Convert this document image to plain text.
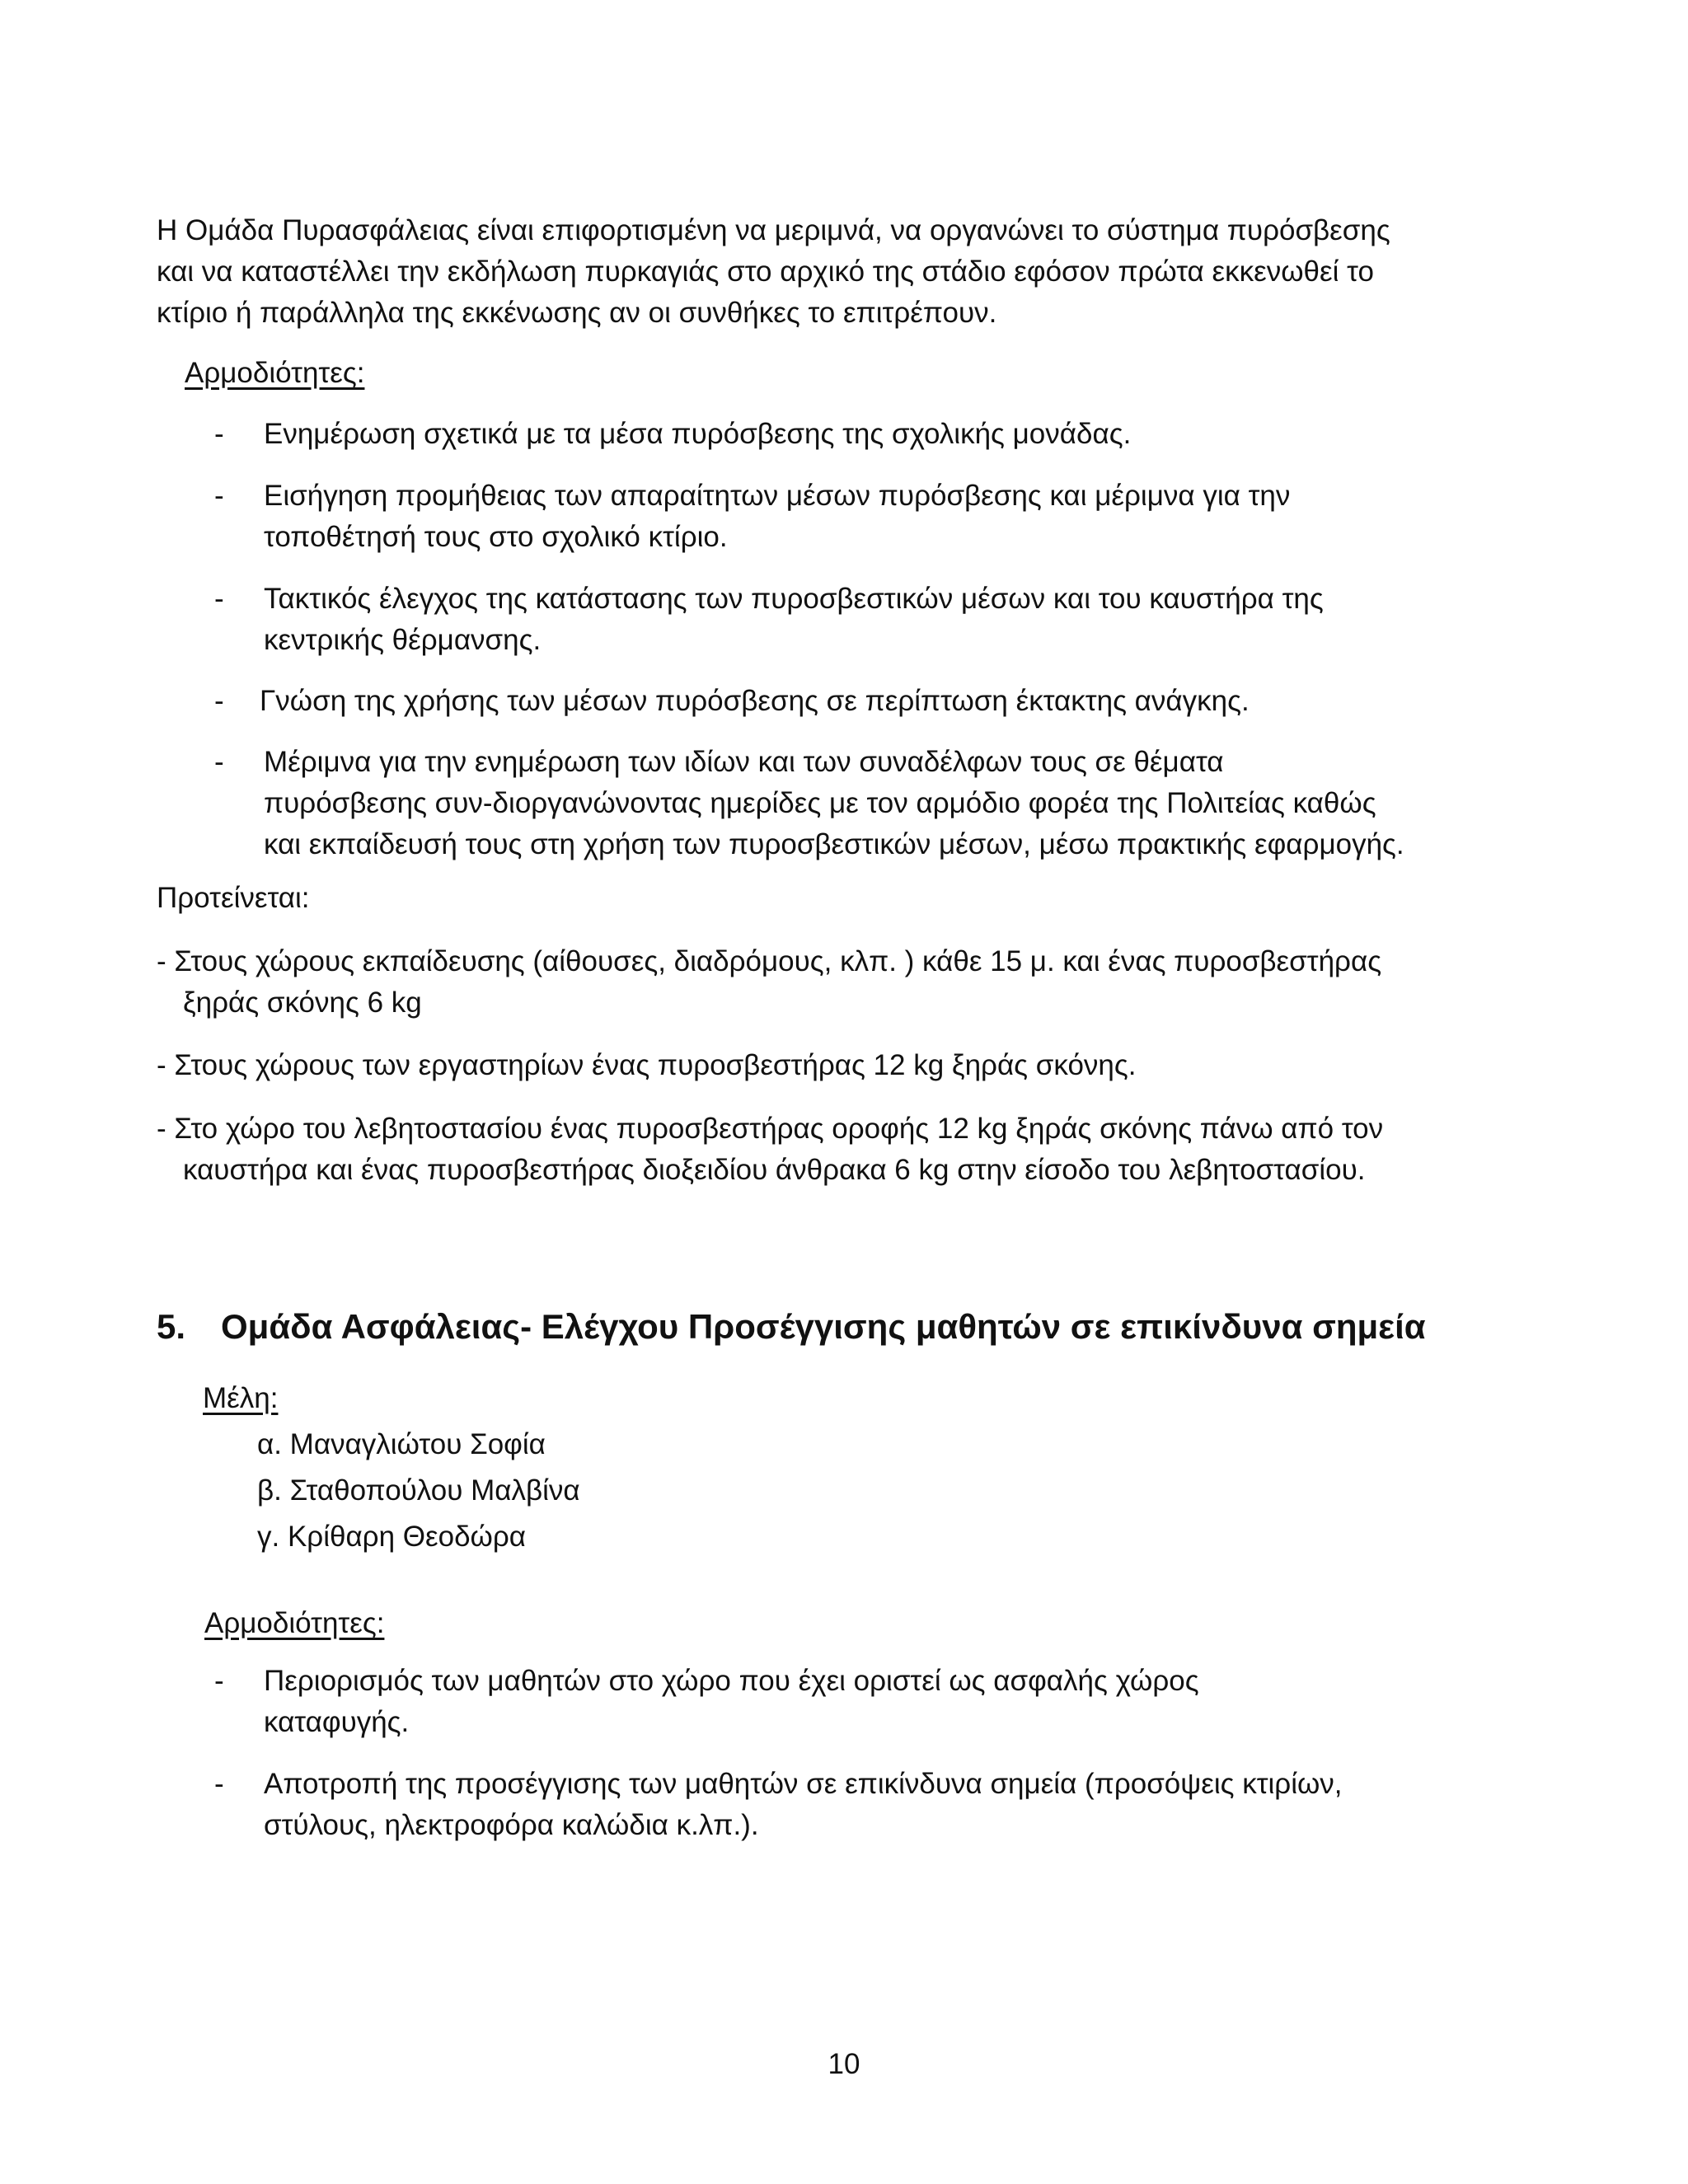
Η Ομάδα Πυρασφάλειας είναι επιφορτισμένη να μεριμνά, να οργανώνει το σύστημα πυρόσβεσης
και να καταστέλλει την εκδήλωση πυρκαγιάς στο αρχικό της στάδιο εφόσον πρώτα εκκενωθεί το
κτίριο ή παράλληλα της εκκένωσης αν οι συνθήκες το επιτρέπουν.
Αρμοδιότητες:
- Ενημέρωση σχετικά με τα μέσα πυρόσβεσης της σχολικής μονάδας.
- Εισήγηση προμήθειας των απαραίτητων μέσων πυρόσβεσης και μέριμνα για την
τοποθέτησή τους στο σχολικό κτίριο.
- Τακτικός έλεγχος της κατάστασης των πυροσβεστικών μέσων και του καυστήρα της
κεντρικής θέρμανσης.
- Γνώση της χρήσης των μέσων πυρόσβεσης σε περίπτωση έκτακτης ανάγκης.
- Μέριμνα για την ενημέρωση των ιδίων και των συναδέλφων τους σε θέματα
πυρόσβεσης συν-διοργανώνοντας ημερίδες με τον αρμόδιο φορέα της Πολιτείας καθώς
και εκπαίδευσή τους στη χρήση των πυροσβεστικών μέσων, μέσω πρακτικής εφαρμογής.
Προτείνεται:
- Στους χώρους εκπαίδευσης (αίθουσες, διαδρόμους, κλπ. ) κάθε 15 μ. και ένας πυροσβεστήρας
ξηράς σκόνης 6 kg
- Στους χώρους των εργαστηρίων ένας πυροσβεστήρας 12 kg ξηράς σκόνης.
- Στο χώρο του λεβητοστασίου ένας πυροσβεστήρας οροφής 12 kg ξηράς σκόνης πάνω από τον
καυστήρα και ένας πυροσβεστήρας διοξειδίου άνθρακα 6 kg στην είσοδο του λεβητοστασίου.
5. Ομάδα Ασφάλειας- Ελέγχου Προσέγγισης μαθητών σε επικίνδυνα σημεία
Μέλη:
α. Μαναγλιώτου Σοφία
β. Σταθοπούλου Μαλβίνα
γ. Κρίθαρη Θεοδώρα
Αρμοδιότητες:
- Περιορισμός των μαθητών στο χώρο που έχει οριστεί ως ασφαλής χώρος
καταφυγής.
- Αποτροπή της προσέγγισης των μαθητών σε επικίνδυνα σημεία (προσόψεις κτιρίων,
στύλους, ηλεκτροφόρα καλώδια κ.λπ.).
10
